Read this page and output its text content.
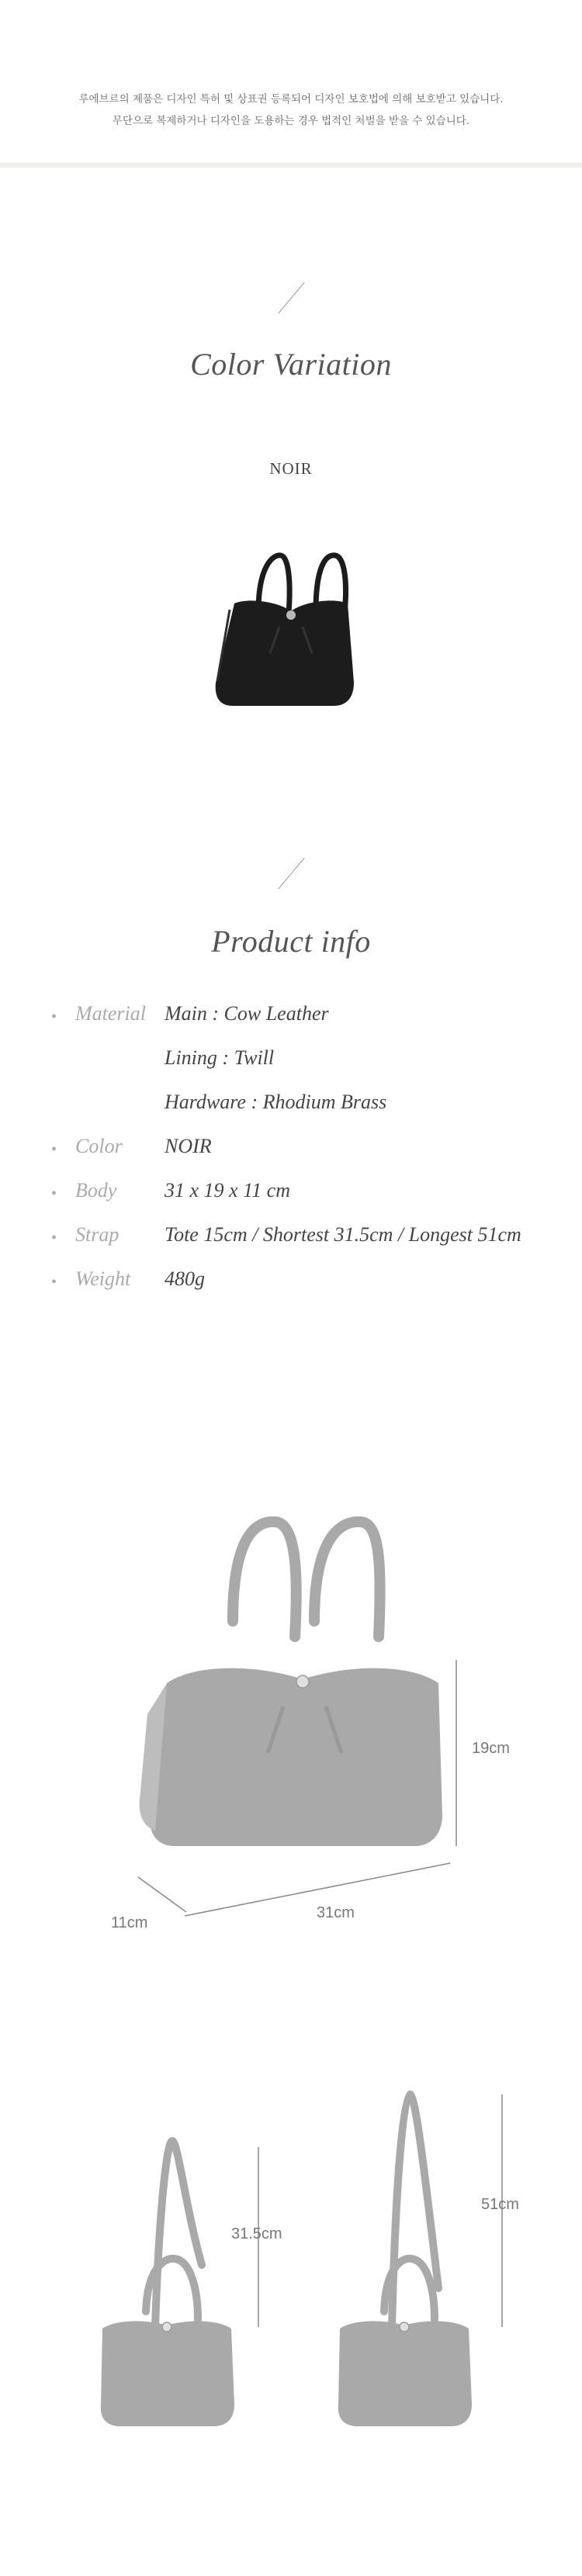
루에브르의 제품은 디자인 특허 및 상표권 등록되어 디자인 보호법에 의해 보호받고 있습니다.
무단으로 복제하거나 디자인을 도용하는 경우 법적인 처벌을 받을 수 있습니다.
Color Variation
NOIR
Product info
• Material Main : Cow Leather
Lining : Twill
Hardware : Rhodium Brass
• Color NOIR
• Body 31 x 19 x 11 cm
• Strap Tote 15cm / Shortest 31.5cm / Longest 51cm
• Weight 480g
19cm
31cm
11cm
31.5cm
51cm
